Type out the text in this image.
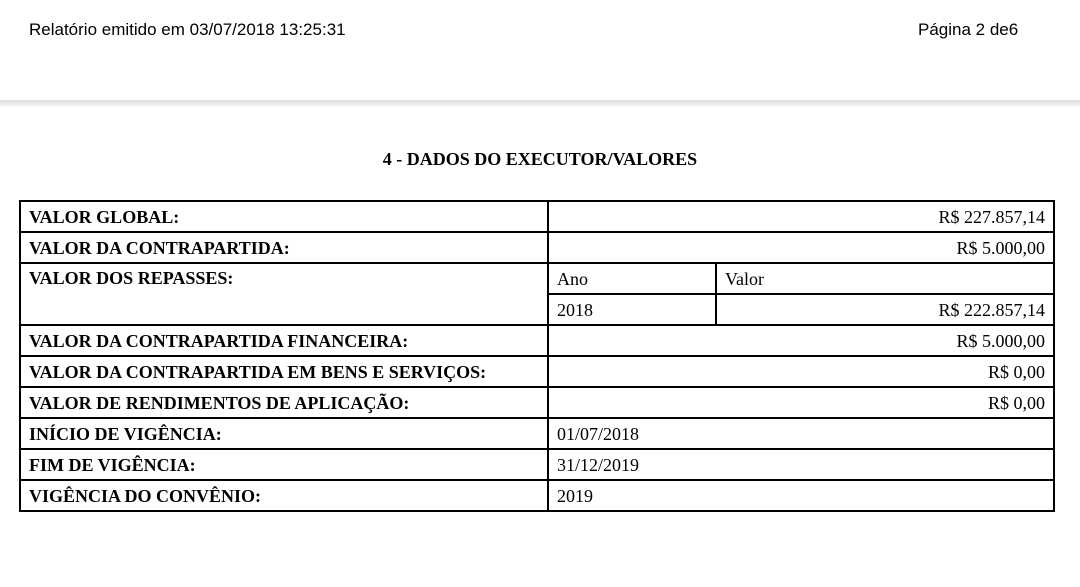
Relatório emitido em 03/07/2018 13:25:31	Página 2 de6
4 - DADOS DO EXECUTOR/VALORES
VALOR GLOBAL:	R$ 227.857,14	
VALOR DA CONTRAPARTIDA:	R$ 5.000,00	
VALOR DOS REPASSES:	Ano	Valor
	2018	R$ 222.857,14
VALOR DA CONTRAPARTIDA FINANCEIRA:	R$ 5.000,00	
VALOR DA CONTRAPARTIDA EM BENS E SERVIÇOS:	R$ 0,00	
VALOR DE RENDIMENTOS DE APLICAÇÃO:	R$ 0,00	
INÍCIO DE VIGÊNCIA:	01/07/2018	
FIM DE VIGÊNCIA:	31/12/2019	
VIGÊNCIA DO CONVÊNIO:	2019	
